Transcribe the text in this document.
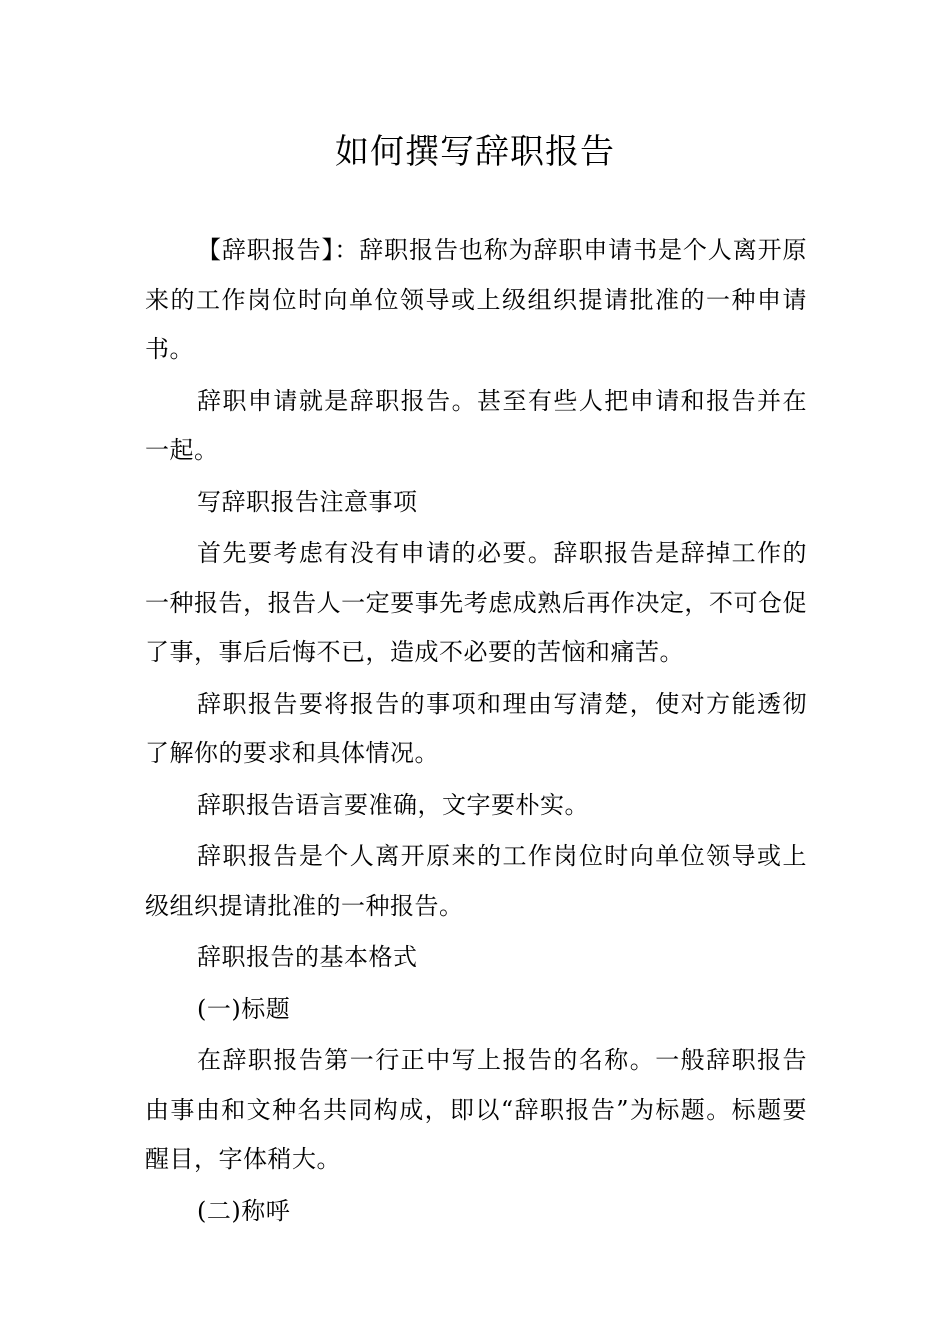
如何撰写辞职报告

【辞职报告】：辞职报告也称为辞职申请书是个人离开原来的工作岗位时向单位领导或上级组织提请批准的一种申请书。

辞职申请就是辞职报告。甚至有些人把申请和报告并在一起。

写辞职报告注意事项

首先要考虑有没有申请的必要。辞职报告是辞掉工作的一种报告，报告人一定要事先考虑成熟后再作决定，不可仓促了事，事后后悔不已，造成不必要的苦恼和痛苦。

辞职报告要将报告的事项和理由写清楚，使对方能透彻了解你的要求和具体情况。

辞职报告语言要准确，文字要朴实。

辞职报告是个人离开原来的工作岗位时向单位领导或上级组织提请批准的一种报告。

辞职报告的基本格式

(一)标题

在辞职报告第一行正中写上报告的名称。一般辞职报告由事由和文种名共同构成，即以“辞职报告”为标题。标题要醒目，字体稍大。

(二)称呼
